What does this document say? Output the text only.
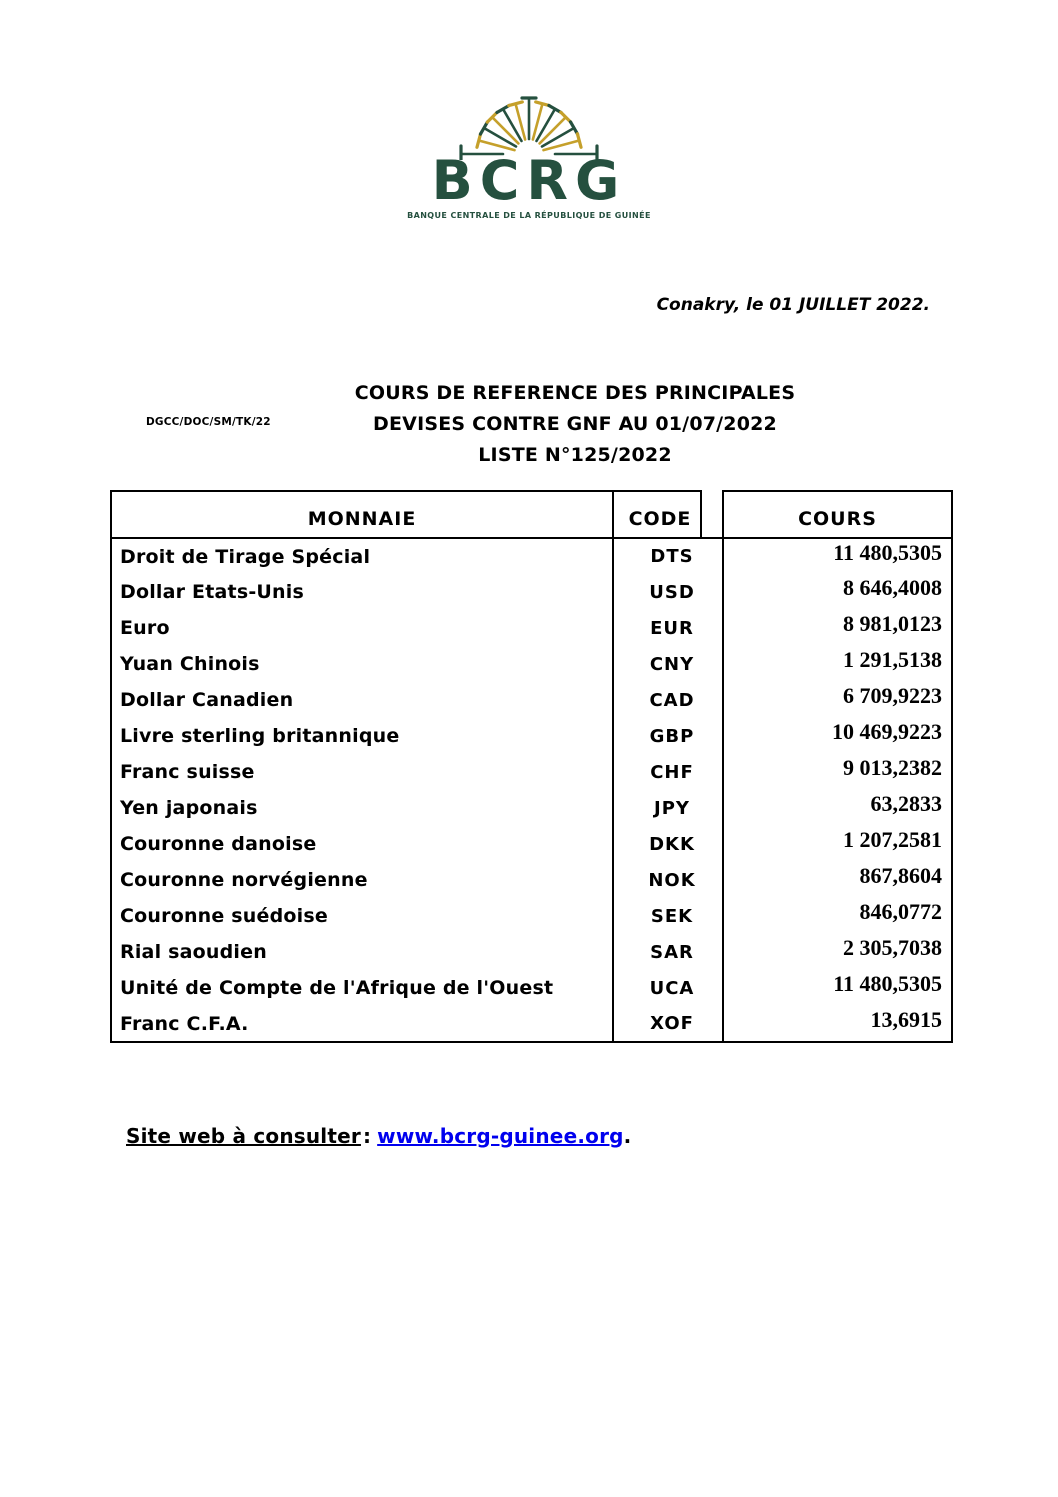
BCRG
BANQUE CENTRALE DE LA RÉPUBLIQUE DE GUINÉE
Conakry, le 01 JUILLET 2022.
DGCC/DOC/SM/TK/22
COURS DE REFERENCE DES PRINCIPALES
DEVISES CONTRE GNF AU 01/07/2022
LISTE N°125/2022
MONNAIE	CODE		COURS
Droit de Tirage Spécial	DTS		11 480,5305
Dollar Etats-Unis	USD		8 646,4008
Euro	EUR		8 981,0123
Yuan Chinois	CNY		1 291,5138
Dollar Canadien	CAD		6 709,9223
Livre sterling britannique	GBP		10 469,9223
Franc suisse	CHF		9 013,2382
Yen japonais	JPY		63,2833
Couronne danoise	DKK		1 207,2581
Couronne norvégienne	NOK		867,8604
Couronne suédoise	SEK		846,0772
Rial saoudien	SAR		2 305,7038
Unité de Compte de l'Afrique de l'Ouest	UCA		11 480,5305
Franc C.F.A.	XOF		13,6915
Site web à consulter : www.bcrg-guinee.org.
